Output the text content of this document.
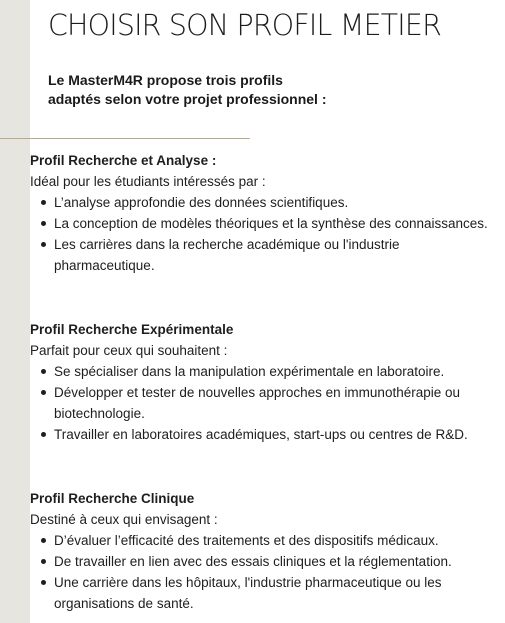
CHOISIR SON PROFIL METIER
Le MasterM4R propose trois profils
adaptés selon votre projet professionnel :
Profil Recherche et Analyse :
Idéal pour les étudiants intéressés par :
L’analyse approfondie des données scientifiques.
La conception de modèles théoriques et la synthèse des connaissances.
Les carrières dans la recherche académique ou l'industrie pharmaceutique.
Profil Recherche Expérimentale
Parfait pour ceux qui souhaitent :
Se spécialiser dans la manipulation expérimentale en laboratoire.
Développer et tester de nouvelles approches en immunothérapie ou biotechnologie.
Travailler en laboratoires académiques, start-ups ou centres de R&D.
Profil Recherche Clinique
Destiné à ceux qui envisagent :
D’évaluer l’efficacité des traitements et des dispositifs médicaux.
De travailler en lien avec des essais cliniques et la réglementation.
Une carrière dans les hôpitaux, l'industrie pharmaceutique ou les organisations de santé.
